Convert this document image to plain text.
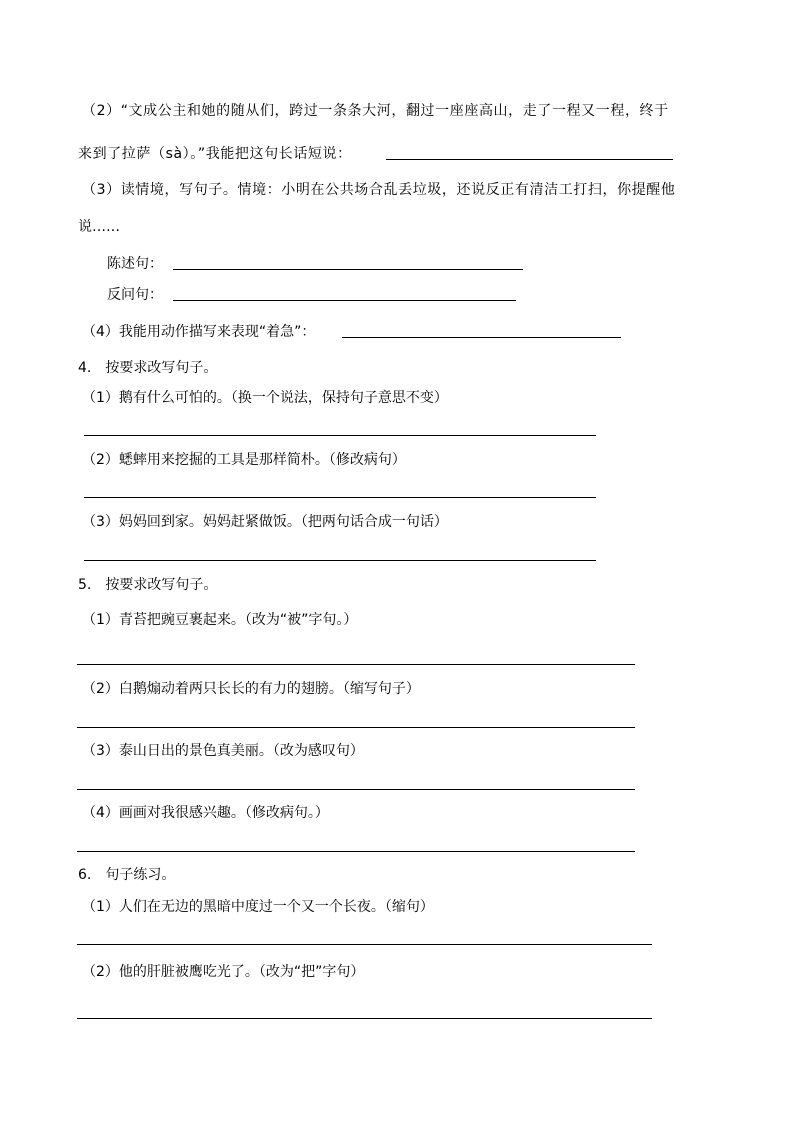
（2）“文成公主和她的随从们，跨过一条条大河，翻过一座座高山，走了一程又一程，终于
来到了拉萨（sà）。”我能把这句长话短说：
（3）读情境，写句子。情境：小明在公共场合乱丢垃圾，还说反正有清洁工打扫，你提醒他
说……
陈述句：
反问句：
（4）我能用动作描写来表现“着急”：
4.　按要求改写句子。
（1）鹅有什么可怕的。（换一个说法，保持句子意思不变）
（2）蟋蟀用来挖掘的工具是那样简朴。（修改病句）
（3）妈妈回到家。妈妈赶紧做饭。（把两句话合成一句话）
5.　按要求改写句子。
（1）青苔把豌豆裹起来。（改为“被”字句。）
（2）白鹅煽动着两只长长的有力的翅膀。（缩写句子）
（3）泰山日出的景色真美丽。（改为感叹句）
（4）画画对我很感兴趣。（修改病句。）
6.　句子练习。
（1）人们在无边的黑暗中度过一个又一个长夜。（缩句）
（2）他的肝脏被鹰吃光了。（改为“把”字句）
